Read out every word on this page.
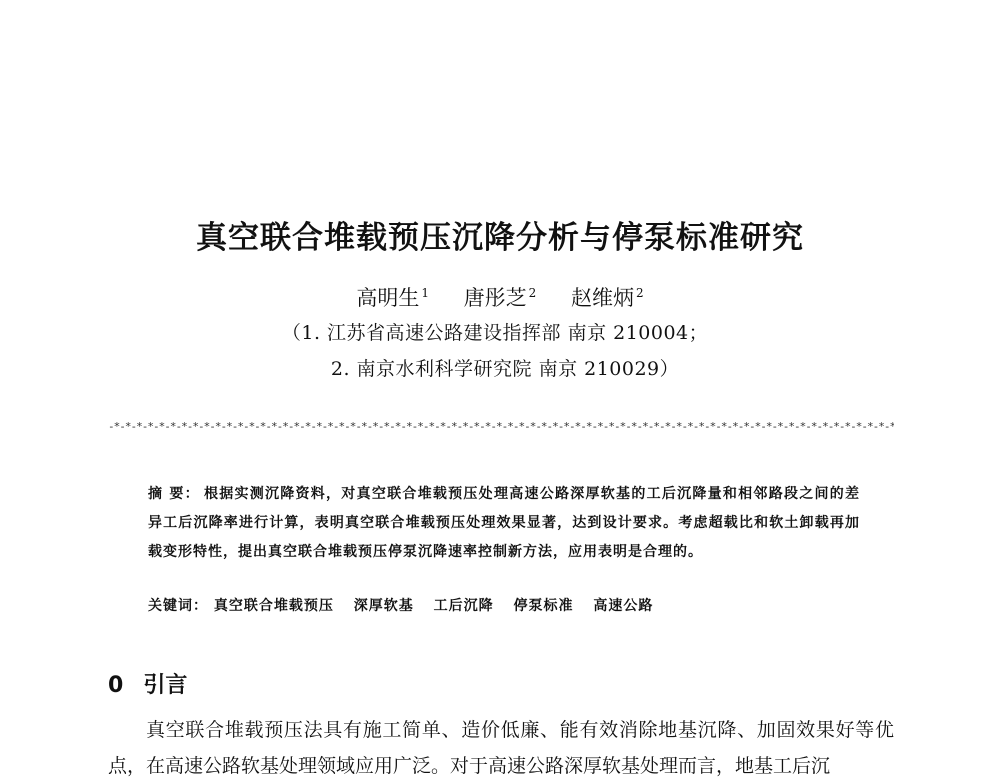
真空联合堆载预压沉降分析与停泵标准研究
高明生 $^1$ 唐彤芝 $^2$ 赵维炳 $^2$
（1. 江苏省高速公路建设指挥部 南京 210004；
2. 南京水利科学研究院 南京 210029）
-*-*-
摘 要： 根据实测沉降资料，对真空联合堆载预压处理高速公路深厚软基的工后沉降量和相邻路段之间的差异工后沉降率进行计算，表明真空联合堆载预压处理效果显著，达到设计要求。考虑超载比和软土卸载再加载变形特性，提出真空联合堆载预压停泵沉降速率控制新方法，应用表明是合理的。
关键词： 真空联合堆载预压 深厚软基 工后沉降 停泵标准 高速公路
0 引言
真空联合堆载预压法具有施工简单、造价低廉、能有效消除地基沉降、加固效果好等优点，在高速公路软基处理领域应用广泛。对于高速公路深厚软基处理而言，地基工后沉
